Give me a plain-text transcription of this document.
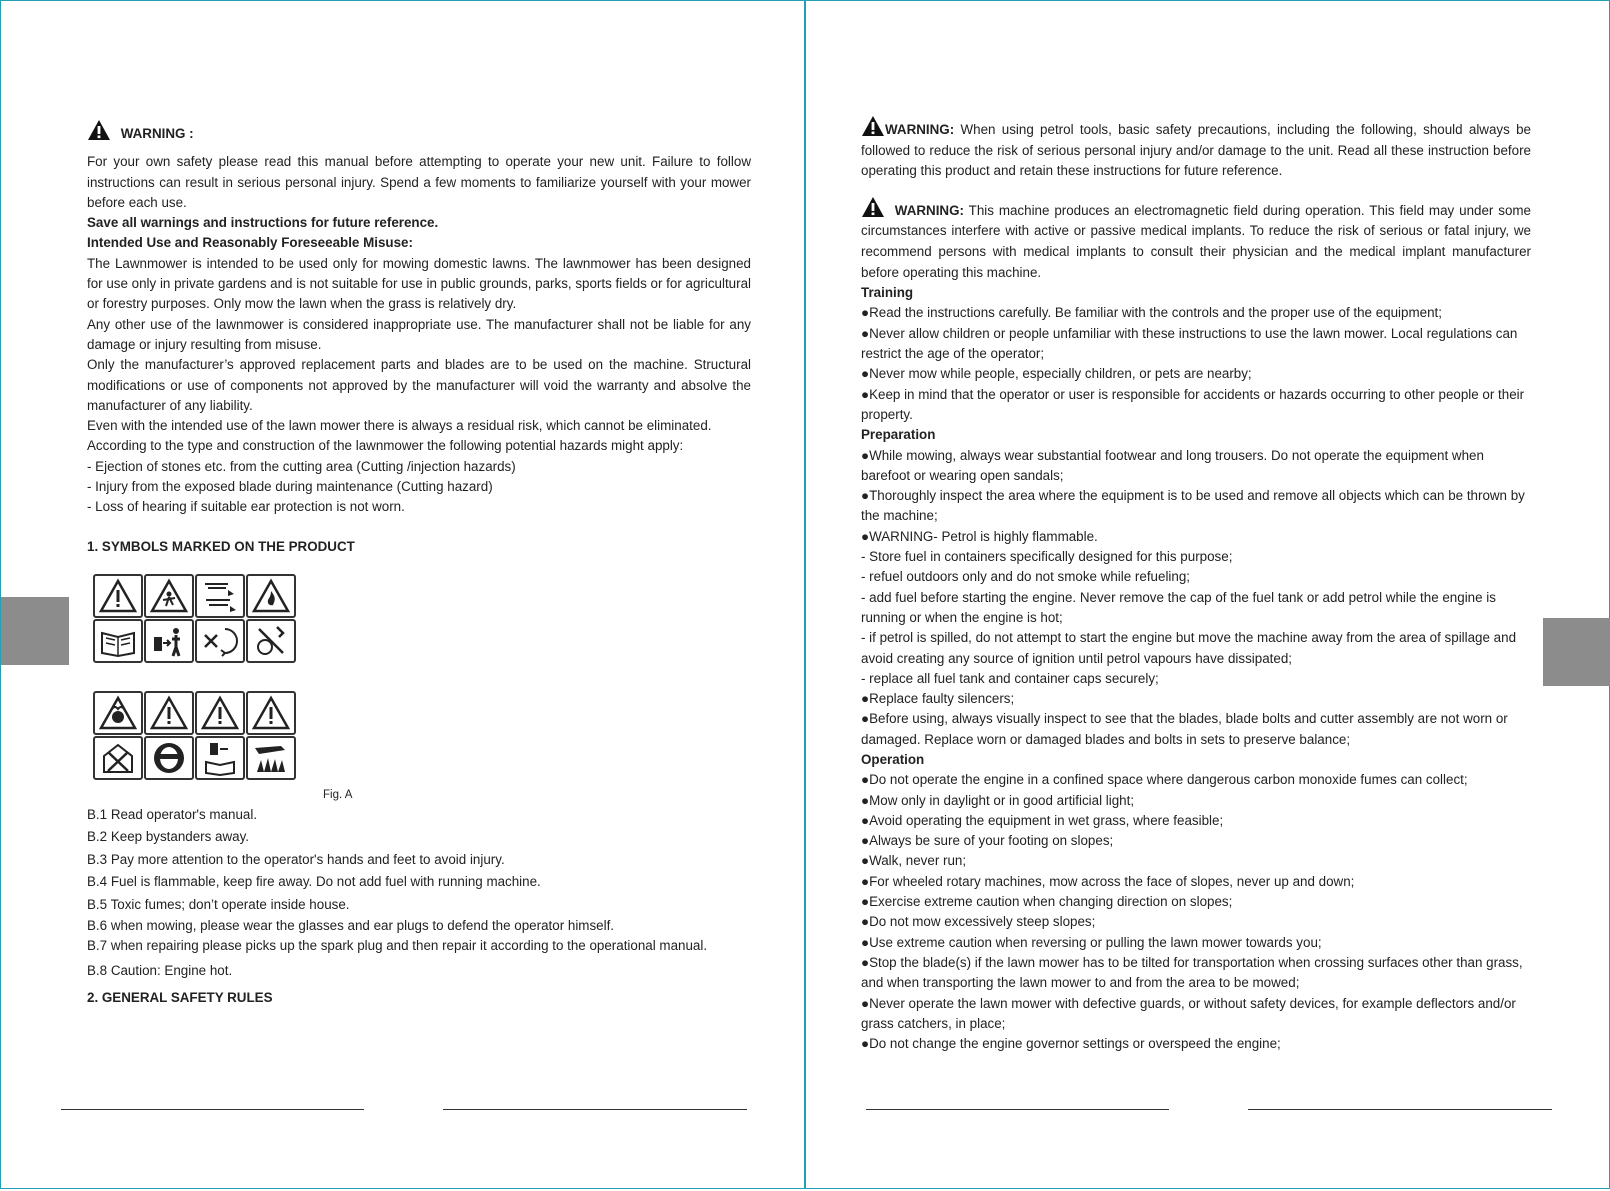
WARNING :

For your own safety please read this manual before attempting to operate your new unit. Failure to follow instructions can result in serious personal injury. Spend a few moments to familiarize yourself with your mower before each use.

Save all warnings and instructions for future reference.

Intended Use and Reasonably Foreseeable Misuse:

The Lawnmower is intended to be used only for mowing domestic lawns. The lawnmower has been designed for use only in private gardens and is not suitable for use in public grounds, parks, sports fields or for agricultural or forestry purposes. Only mow the lawn when the grass is relatively dry.

Any other use of the lawnmower is considered inappropriate use. The manufacturer shall not be liable for any damage or injury resulting from misuse.

Only the manufacturer’s approved replacement parts and blades are to be used on the machine. Structural modifications or use of components not approved by the manufacturer will void the warranty and absolve the manufacturer of any liability.

Even with the intended use of the lawn mower there is always a residual risk, which cannot be eliminated.

According to the type and construction of the lawnmower the following potential hazards might apply:

- Ejection of stones etc. from the cutting area (Cutting /injection hazards)

- Injury from the exposed blade during maintenance (Cutting hazard)

- Loss of hearing if suitable ear protection is not worn.

1. SYMBOLS MARKED ON THE PRODUCT

Fig. A

B.1 Read operator's manual.

B.2 Keep bystanders away.

B.3 Pay more attention to the operator's hands and feet to avoid injury.

B.4 Fuel is flammable, keep fire away. Do not add fuel with running machine.

B.5 Toxic fumes; don’t operate inside house.

B.6 when mowing, please wear the glasses and ear plugs to defend the operator himself.

B.7 when repairing please picks up the spark plug and then repair it according to the operational manual.

B.8 Caution: Engine hot.

2. GENERAL SAFETY RULES

WARNING: When using petrol tools, basic safety precautions, including the following, should always be followed to reduce the risk of serious personal injury and/or damage to the unit. Read all these instruction before operating this product and retain these instructions for future reference.

WARNING: This machine produces an electromagnetic field during operation. This field may under some circumstances interfere with active or passive medical implants. To reduce the risk of serious or fatal injury, we recommend persons with medical implants to consult their physician and the medical implant manufacturer before operating this machine.

Training

●Read the instructions carefully. Be familiar with the controls and the proper use of the equipment;

●Never allow children or people unfamiliar with these instructions to use the lawn mower. Local regulations can restrict the age of the operator;

●Never mow while people, especially children, or pets are nearby;

●Keep in mind that the operator or user is responsible for accidents or hazards occurring to other people or their property.

Preparation

●While mowing, always wear substantial footwear and long trousers. Do not operate the equipment when barefoot or wearing open sandals;

●Thoroughly inspect the area where the equipment is to be used and remove all objects which can be thrown by the machine;

●WARNING- Petrol is highly flammable.

- Store fuel in containers specifically designed for this purpose;

- refuel outdoors only and do not smoke while refueling;

- add fuel before starting the engine. Never remove the cap of the fuel tank or add petrol while the engine is running or when the engine is hot;

- if petrol is spilled, do not attempt to start the engine but move the machine away from the area of spillage and avoid creating any source of ignition until petrol vapours have dissipated;

- replace all fuel tank and container caps securely;

●Replace faulty silencers;

●Before using, always visually inspect to see that the blades, blade bolts and cutter assembly are not worn or damaged. Replace worn or damaged blades and bolts in sets to preserve balance;

Operation

●Do not operate the engine in a confined space where dangerous carbon monoxide fumes can collect;

●Mow only in daylight or in good artificial light;

●Avoid operating the equipment in wet grass, where feasible;

●Always be sure of your footing on slopes;

●Walk, never run;

●For wheeled rotary machines, mow across the face of slopes, never up and down;

●Exercise extreme caution when changing direction on slopes;

●Do not mow excessively steep slopes;

●Use extreme caution when reversing or pulling the lawn mower towards you;

●Stop the blade(s) if the lawn mower has to be tilted for transportation when crossing surfaces other than grass, and when transporting the lawn mower to and from the area to be mowed;

●Never operate the lawn mower with defective guards, or without safety devices, for example deflectors and/or grass catchers, in place;

●Do not change the engine governor settings or overspeed the engine;
